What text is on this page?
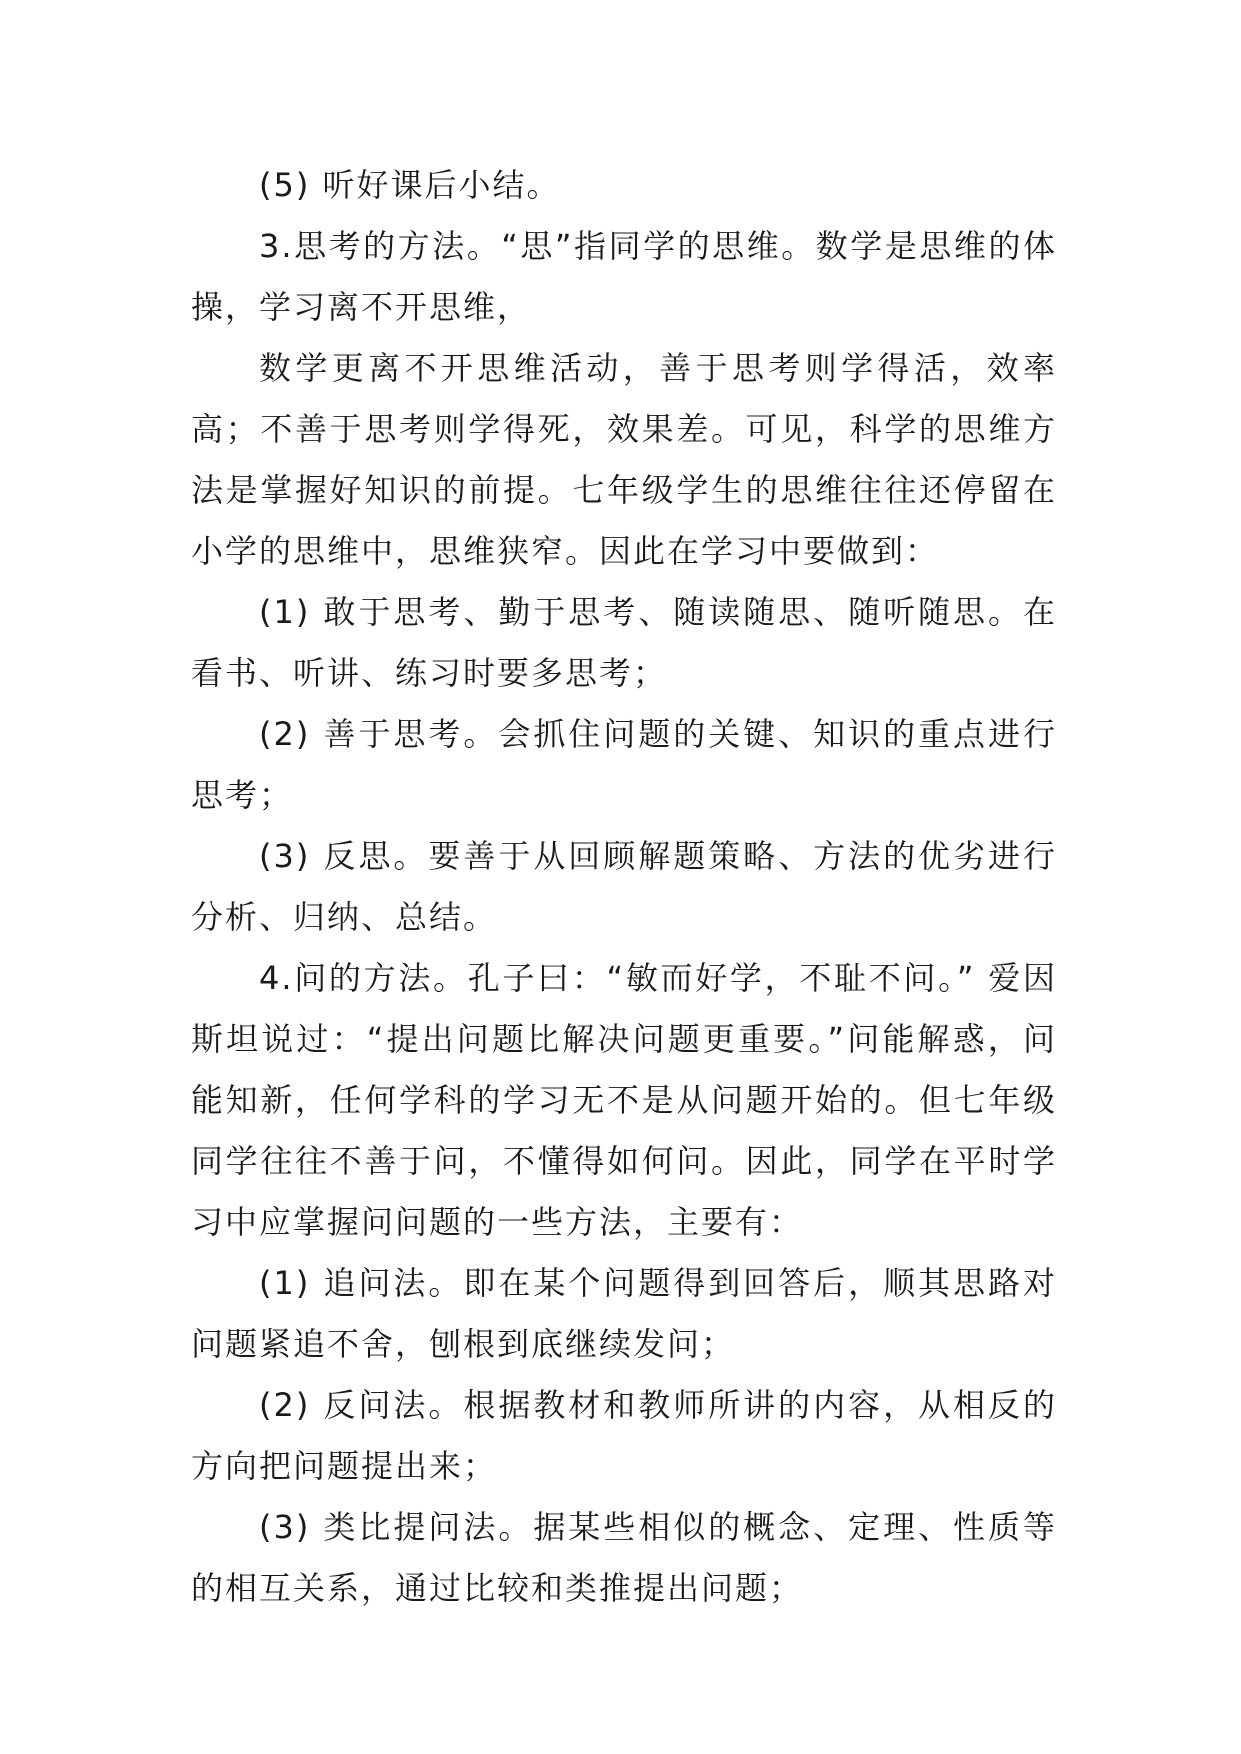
(5) 听好课后小结。

3.思考的方法。“思”指同学的思维。数学是思维的体操，学习离不开思维，

数学更离不开思维活动，善于思考则学得活，效率高；不善于思考则学得死，效果差。可见，科学的思维方法是掌握好知识的前提。七年级学生的思维往往还停留在小学的思维中，思维狭窄。因此在学习中要做到：

(1) 敢于思考、勤于思考、随读随思、随听随思。在看书、听讲、练习时要多思考；

(2) 善于思考。会抓住问题的关键、知识的重点进行思考；

(3) 反思。要善于从回顾解题策略、方法的优劣进行分析、归纳、总结。

4.问的方法。孔子曰：“敏而好学，不耻不问。” 爱因斯坦说过：“提出问题比解决问题更重要。”问能解惑，问能知新，任何学科的学习无不是从问题开始的。但七年级同学往往不善于问，不懂得如何问。因此，同学在平时学习中应掌握问问题的一些方法，主要有：

(1) 追问法。即在某个问题得到回答后，顺其思路对问题紧追不舍，刨根到底继续发问；

(2) 反问法。根据教材和教师所讲的内容，从相反的方向把问题提出来；

(3) 类比提问法。据某些相似的概念、定理、性质等的相互关系，通过比较和类推提出问题；
